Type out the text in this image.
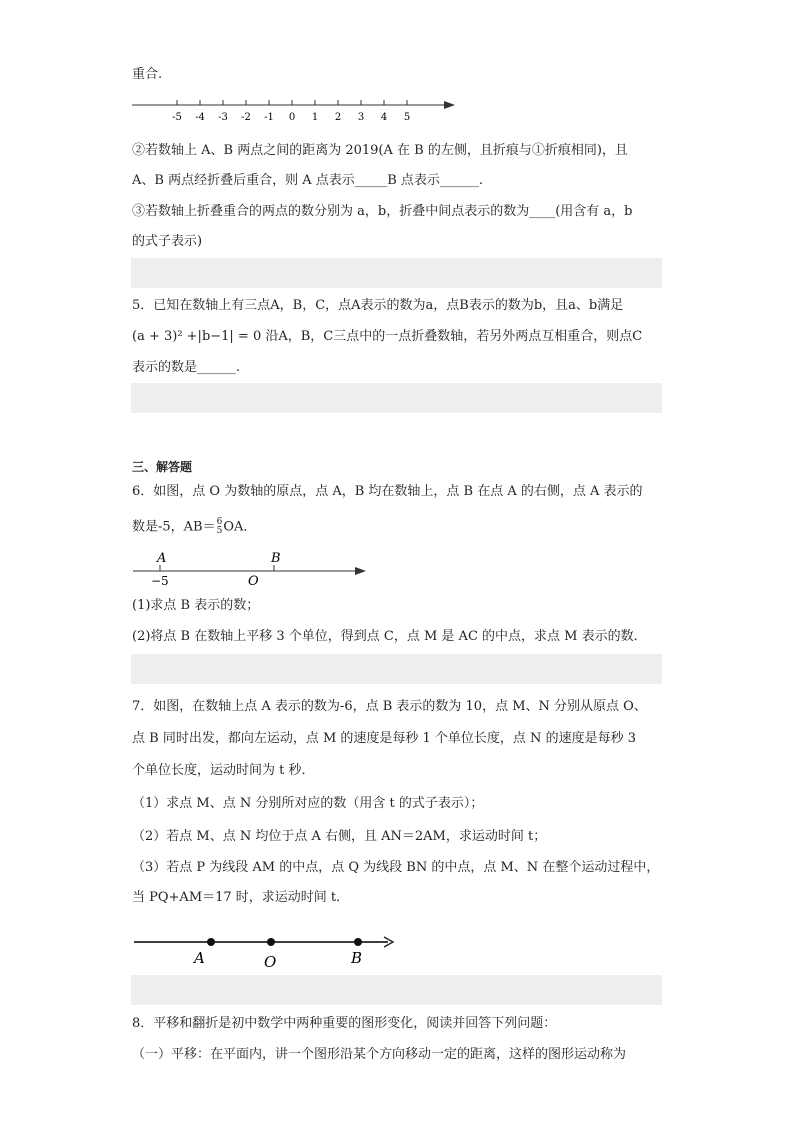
重合.
-5 -4 -3 -2 -1 0 1 2 3 4 5
②若数轴上 A、B 两点之间的距离为 2019(A 在 B 的左侧，且折痕与①折痕相同)，且
A、B 两点经折叠后重合，则 A 点表示_____B 点表示______.
③若数轴上折叠重合的两点的数分别为 a，b，折叠中间点表示的数为____(用含有 a，b
的式子表示)
5．已知在数轴上有三点A，B，C，点A表示的数为a，点B表示的数为b，且a、b满足
(a + 3)² +|b−1| = 0 沿A，B，C三点中的一点折叠数轴，若另外两点互相重合，则点C
表示的数是______.
三、解答题
6．如图，点 O 为数轴的原点，点 A，B 均在数轴上，点 B 在点 A 的右侧，点 A 表示的
数是-5，AB＝ 6
5 OA．
A	B
−5	O
(1)求点 B 表示的数；
(2)将点 B 在数轴上平移 3 个单位，得到点 C，点 M 是 AC 的中点，求点 M 表示的数．
7．如图，在数轴上点 A 表示的数为-6，点 B 表示的数为 10，点 M、N 分别从原点 O、
点 B 同时出发，都向左运动，点 M 的速度是每秒 1 个单位长度，点 N 的速度是每秒 3
个单位长度，运动时间为 t 秒．
（1）求点 M、点 N 分别所对应的数（用含 t 的式子表示）；
（2）若点 M、点 N 均位于点 A 右侧，且 AN＝2AM，求运动时间 t；
（3）若点 P 为线段 AM 的中点，点 Q 为线段 BN 的中点，点 M、N 在整个运动过程中，
当 PQ+AM＝17 时，求运动时间 t．
A	O	B
8．平移和翻折是初中数学中两种重要的图形变化，阅读并回答下列问题：
（一）平移：在平面内，讲一个图形沿某个方向移动一定的距离，这样的图形运动称为
